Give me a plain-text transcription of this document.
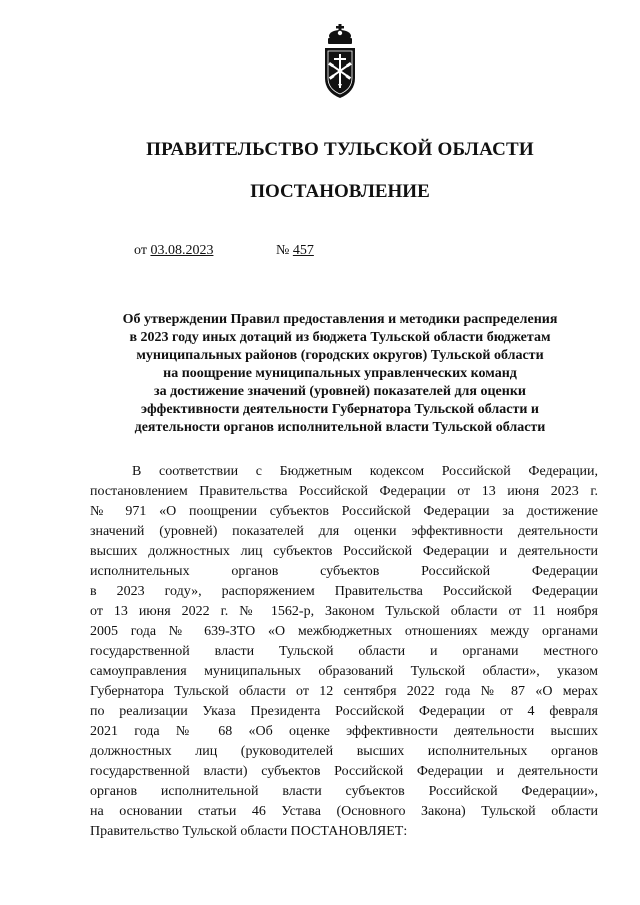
ПРАВИТЕЛЬСТВО ТУЛЬСКОЙ ОБЛАСТИ
ПОСТАНОВЛЕНИЕ
от 03.08.2023	№ 457
Об утверждении Правил предоставления и методики распределения
в 2023 году иных дотаций из бюджета Тульской области бюджетам
муниципальных районов (городских округов) Тульской области
на поощрение муниципальных управленческих команд
за достижение значений (уровней) показателей для оценки
эффективности деятельности Губернатора Тульской области и
деятельности органов исполнительной власти Тульской области
В соответствии с Бюджетным кодексом Российской Федерации,
постановлением Правительства Российской Федерации от 13 июня 2023 г.
№ 971 «О поощрении субъектов Российской Федерации за достижение
значений (уровней) показателей для оценки эффективности деятельности
высших должностных лиц субъектов Российской Федерации и деятельности
исполнительных органов субъектов Российской Федерации
в 2023 году», распоряжением Правительства Российской Федерации
от 13 июня 2022 г. № 1562-р, Законом Тульской области от 11 ноября
2005 года № 639-ЗТО «О межбюджетных отношениях между органами
государственной власти Тульской области и органами местного
самоуправления муниципальных образований Тульской области», указом
Губернатора Тульской области от 12 сентября 2022 года № 87 «О мерах
по реализации Указа Президента Российской Федерации от 4 февраля
2021 года № 68 «Об оценке эффективности деятельности высших
должностных лиц (руководителей высших исполнительных органов
государственной власти) субъектов Российской Федерации и деятельности
органов исполнительной власти субъектов Российской Федерации»,
на основании статьи 46 Устава (Основного Закона) Тульской области
Правительство Тульской области ПОСТАНОВЛЯЕТ:
